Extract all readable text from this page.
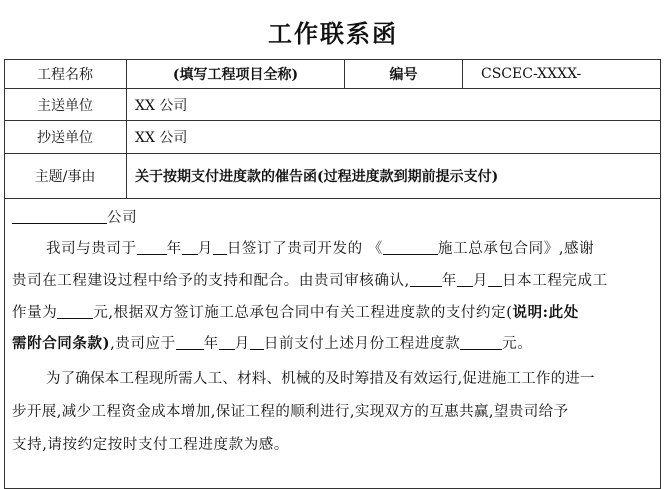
工作联系函
工程名称	(填写工程项目全称)	编号	CSCEC-XXXX-
主送单位	XX 公司
抄送单位	XX 公司
主题/事由	关于按期支付进度款的催告函(过程进度款到期前提示支付)
公司
我司与贵司于 年 月 日签订了贵司开发的 《	施工总承包合同》,感谢
贵司在工程建设过程中给予的支持和配合。由贵司审核确认, 年 月 日本工程完成工
作量为 元,根据双方签订施工总承包合同中有关工程进度款的支付约定(说明:此处
需附合同条款),贵司应于 年 月 日前支付上述月份工程进度款	元。
为了确保本工程现所需人工、材料、机械的及时筹措及有效运行,促进施工工作的进一
步开展,减少工程资金成本增加,保证工程的顺利进行,实现双方的互惠共赢,望贵司给予
支持,请按约定按时支付工程进度款为感。
